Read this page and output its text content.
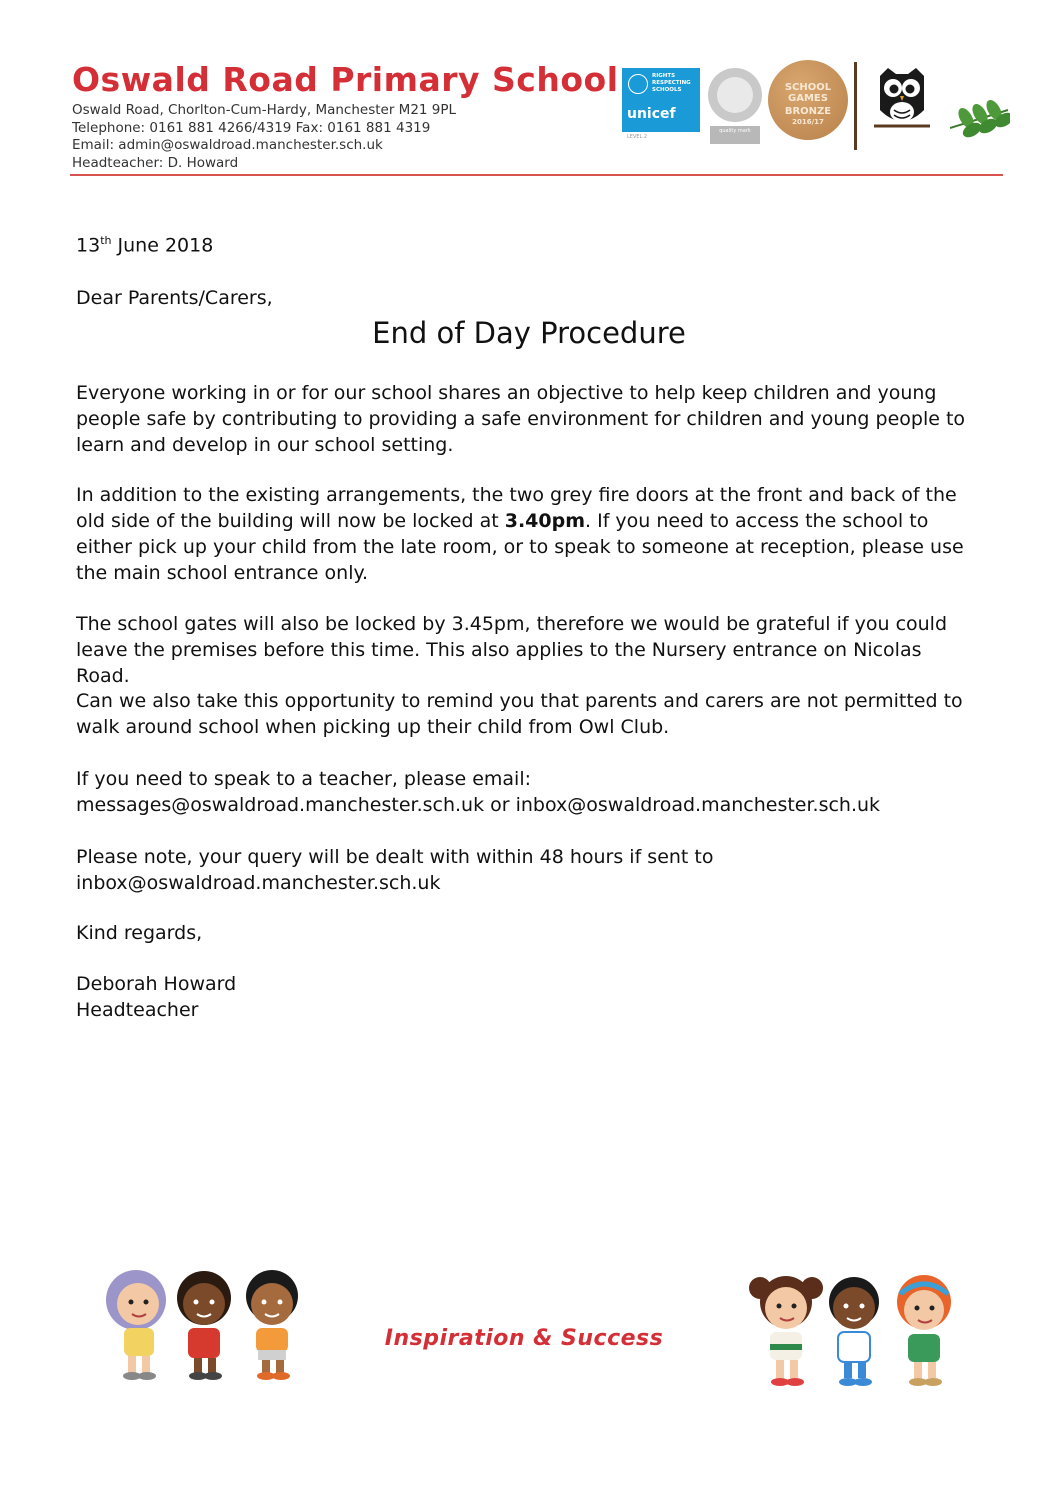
Oswald Road Primary School
Oswald Road, Chorlton-Cum-Hardy, Manchester M21 9PL
Telephone: 0161 881 4266/4319 Fax: 0161 881 4319
Email: admin@oswaldroad.manchester.sch.uk
Headteacher: D. Howard
RIGHTS RESPECTING SCHOOLS
unicef
LEVEL 2
quality mark
SCHOOL
GAMES
BRONZE
2016/17
13th June 2018
Dear Parents/Carers,
End of Day Procedure

Everyone working in or for our school shares an objective to help keep children and young people safe by contributing to providing a safe environment for children and young people to learn and develop in our school setting.

In addition to the existing arrangements, the two grey fire doors at the front and back of the old side of the building will now be locked at 3.40pm. If you need to access the school to either pick up your child from the late room, or to speak to someone at reception, please use the main school entrance only.

The school gates will also be locked by 3.45pm, therefore we would be grateful if you could leave the premises before this time. This also applies to the Nursery entrance on Nicolas Road.

Can we also take this opportunity to remind you that parents and carers are not permitted to walk around school when picking up their child from Owl Club.

If you need to speak to a teacher, please email:
messages@oswaldroad.manchester.sch.uk or inbox@oswaldroad.manchester.sch.uk

Please note, your query will be dealt with within 48 hours if sent to
inbox@oswaldroad.manchester.sch.uk

Kind regards,
Deborah Howard
Headteacher
Inspiration & Success
